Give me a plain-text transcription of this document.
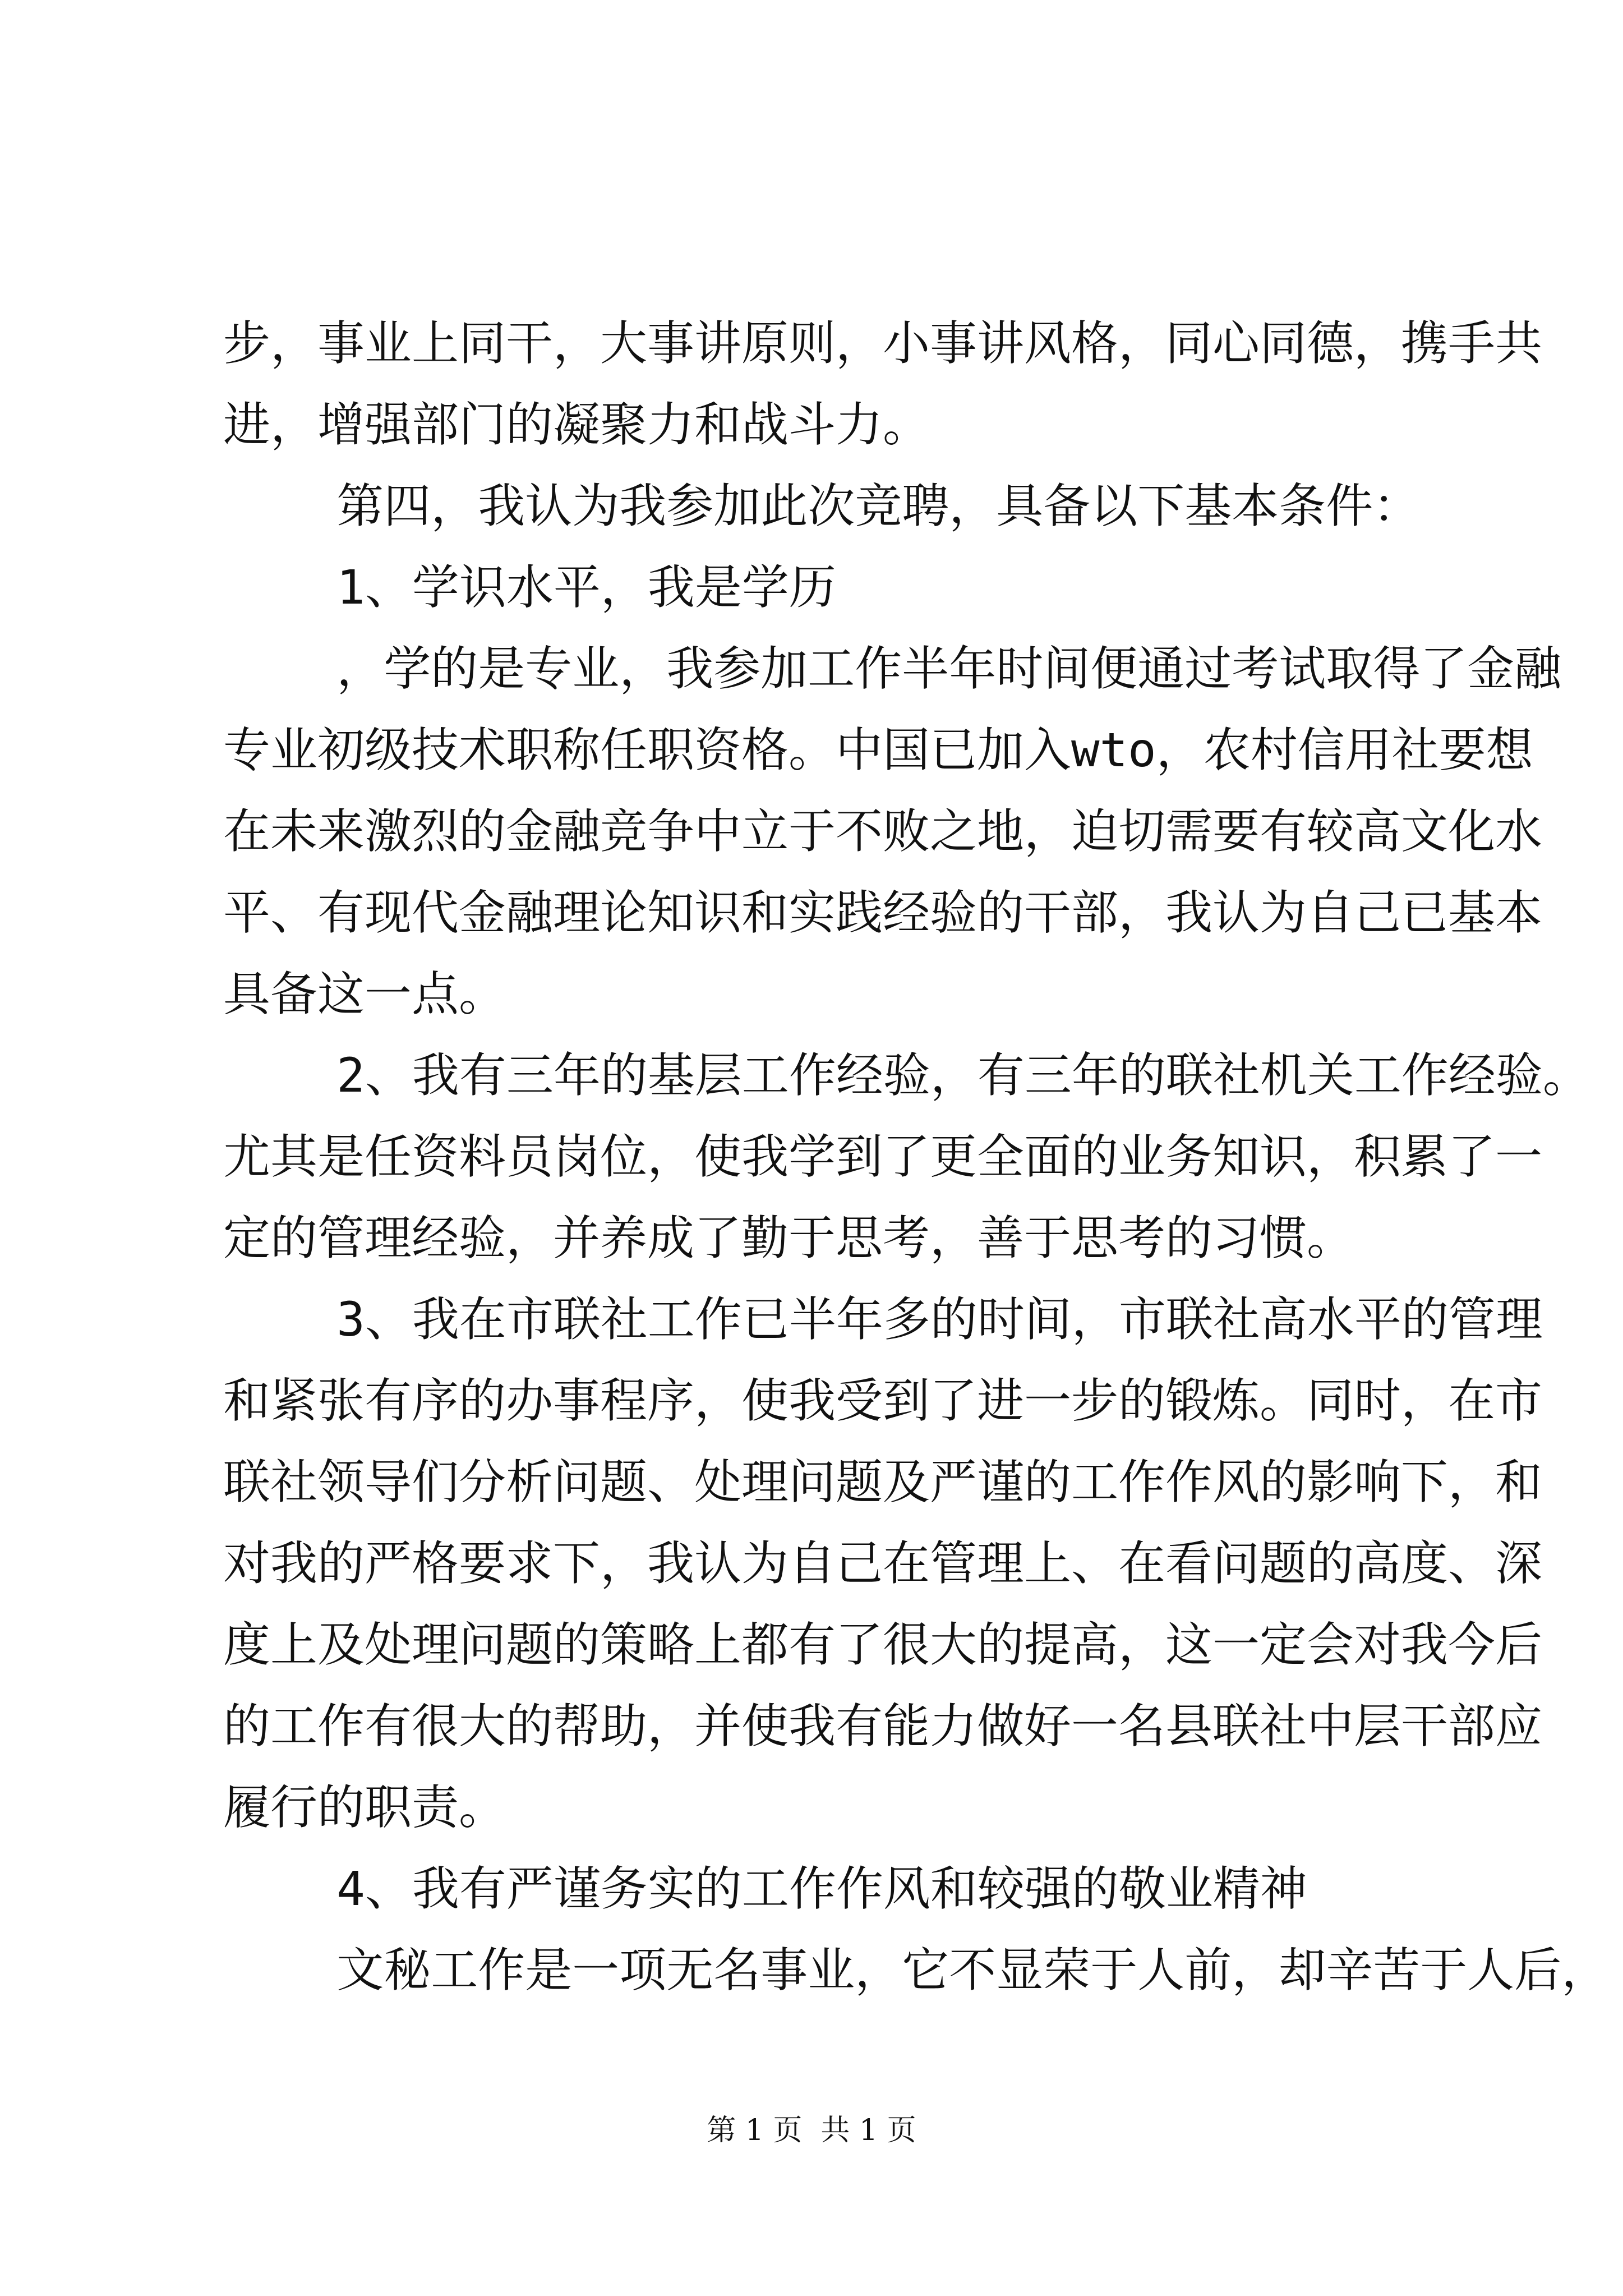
步，事业上同干，大事讲原则，小事讲风格，同心同德，携手共
进，增强部门的凝聚力和战斗力。
第四，我认为我参加此次竞聘，具备以下基本条件：
1、学识水平，我是学历
，学的是专业，我参加工作半年时间便通过考试取得了金融
专业初级技术职称任职资格。中国已加入wto，农村信用社要想
在未来激烈的金融竞争中立于不败之地，迫切需要有较高文化水
平、有现代金融理论知识和实践经验的干部，我认为自己已基本
具备这一点。
2、我有三年的基层工作经验，有三年的联社机关工作经验。
尤其是任资料员岗位，使我学到了更全面的业务知识，积累了一
定的管理经验，并养成了勤于思考，善于思考的习惯。
3、我在市联社工作已半年多的时间，市联社高水平的管理
和紧张有序的办事程序，使我受到了进一步的锻炼。同时，在市
联社领导们分析问题、处理问题及严谨的工作作风的影响下，和
对我的严格要求下，我认为自己在管理上、在看问题的高度、深
度上及处理问题的策略上都有了很大的提高，这一定会对我今后
的工作有很大的帮助，并使我有能力做好一名县联社中层干部应
履行的职责。
4、我有严谨务实的工作作风和较强的敬业精神
文秘工作是一项无名事业，它不显荣于人前，却辛苦于人后，
第 1 页  共 1 页
